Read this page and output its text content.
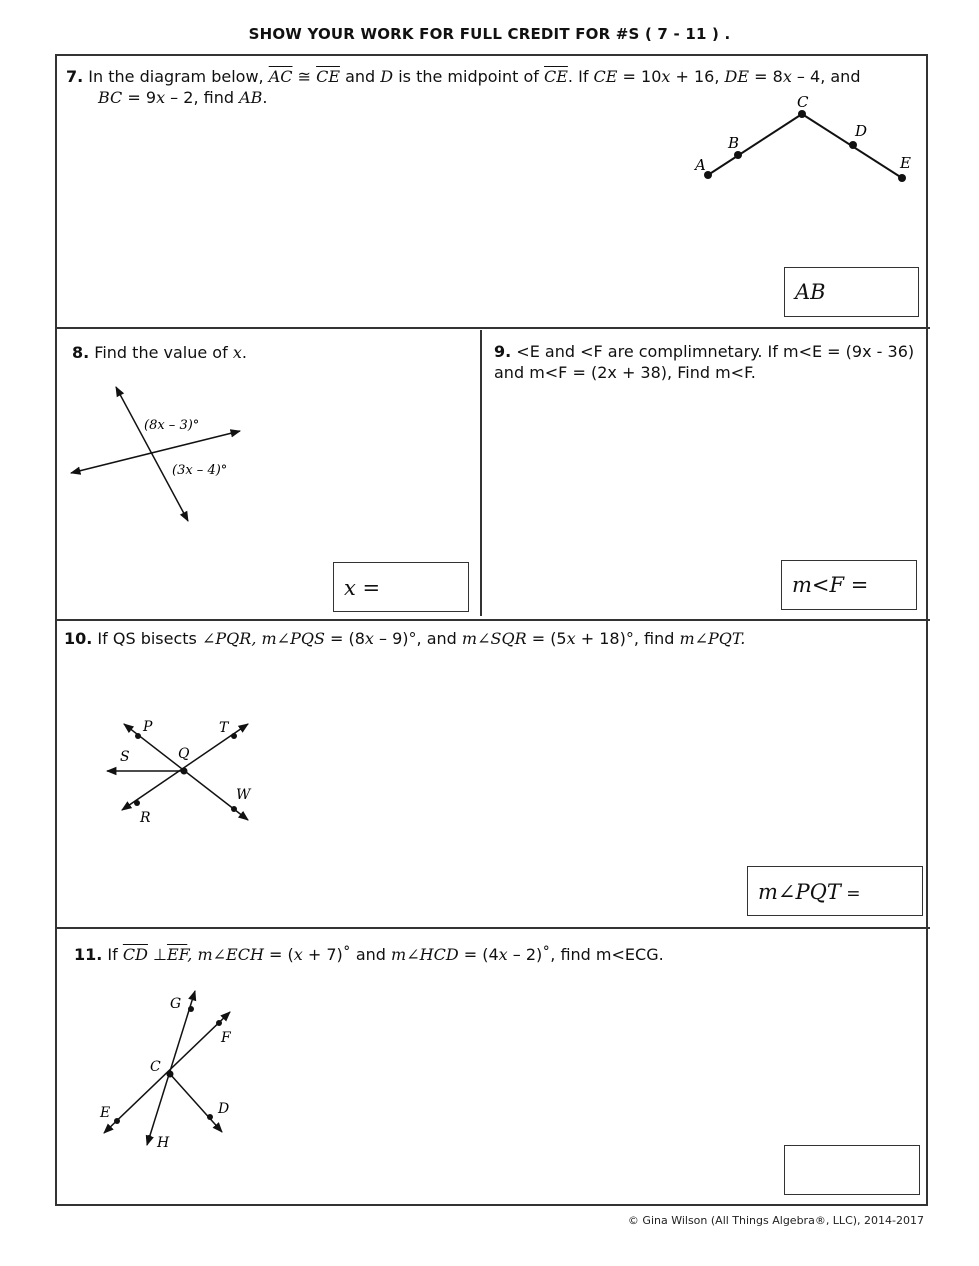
SHOW YOUR WORK FOR FULL CREDIT FOR #S ( 7 - 11 ) .
7. In the diagram below, $\overline{AC}$ ≅ $\overline{CE}$ and D is the midpoint of $\overline{CE}$. If CE = 10x + 16, DE = 8x – 4, and
BC = 9x – 2, find AB.
A
B
C
D
E
AB
8. Find the value of x.
(8x – 3)°
(3x – 4)°
x =
9. <E and <F are complimnetary. If m<E = (9x - 36) and m<F = (2x + 38), Find m<F.
m<F =
10. If QS bisects ∠PQR, m∠PQS = (8x – 9)°, and m∠SQR = (5x + 18)°, find m∠PQT.
P	T
S	Q
W
R
m∠PQT =
11. If $\overline{CD}$ $\perp\overline{EF}$, m∠ECH = (x + 7)˚ and m∠HCD = (4x – 2)˚, find m<ECG.
G
F
C
E	D
H
© Gina Wilson (All Things Algebra®, LLC), 2014-2017
